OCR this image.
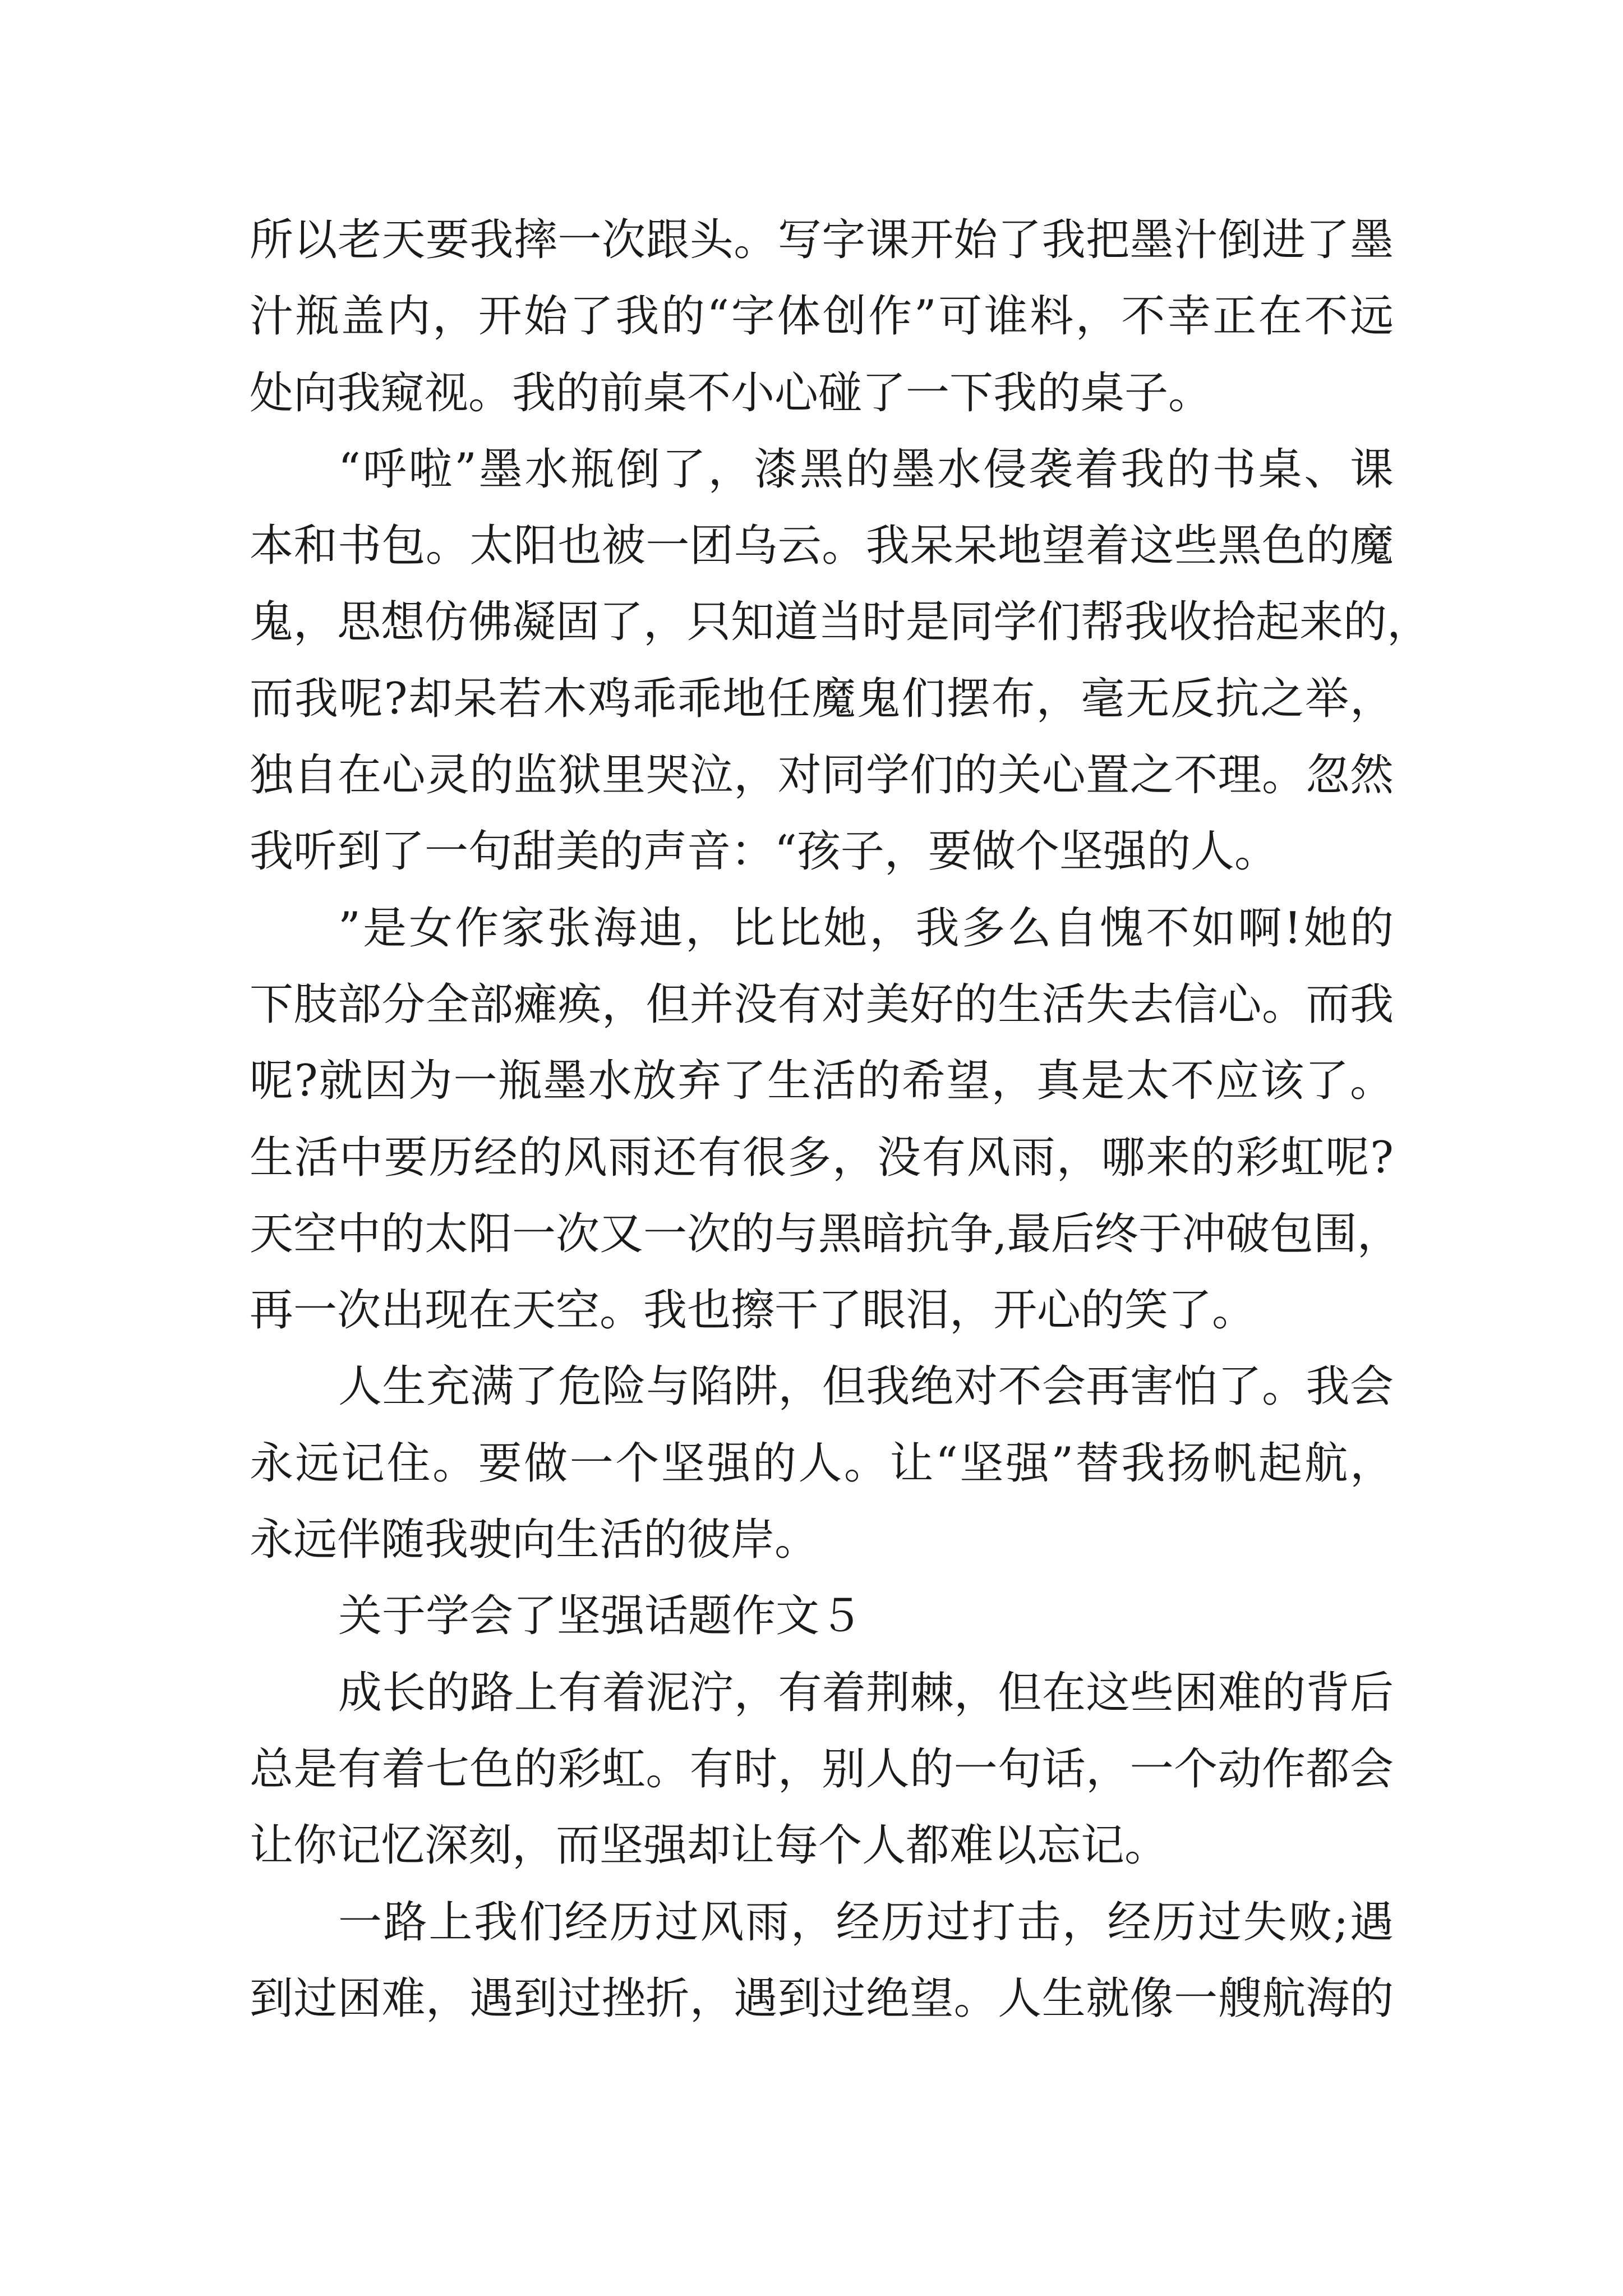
所以老天要我摔一次跟头。写字课开始了我把墨汁倒进了墨
汁瓶盖内，开始了我的“字体创作”可谁料，不幸正在不远
处向我窥视。我的前桌不小心碰了一下我的桌子。
“呼啦”墨水瓶倒了，漆黑的墨水侵袭着我的书桌、课
本和书包。太阳也被一团乌云。我呆呆地望着这些黑色的魔
鬼，思想仿佛凝固了，只知道当时是同学们帮我收拾起来的，
而我呢?却呆若木鸡乖乖地任魔鬼们摆布，毫无反抗之举，
独自在心灵的监狱里哭泣，对同学们的关心置之不理。忽然
我听到了一句甜美的声音：“孩子，要做个坚强的人。
”是女作家张海迪，比比她，我多么自愧不如啊!她的
下肢部分全部瘫痪，但并没有对美好的生活失去信心。而我
呢?就因为一瓶墨水放弃了生活的希望，真是太不应该了。
生活中要历经的风雨还有很多，没有风雨，哪来的彩虹呢?
天空中的太阳一次又一次的与黑暗抗争,最后终于冲破包围，
再一次出现在天空。我也擦干了眼泪，开心的笑了。
人生充满了危险与陷阱，但我绝对不会再害怕了。我会
永远记住。要做一个坚强的人。让“坚强”替我扬帆起航，
永远伴随我驶向生活的彼岸。
关于学会了坚强话题作文５
成长的路上有着泥泞，有着荆棘，但在这些困难的背后
总是有着七色的彩虹。有时，别人的一句话，一个动作都会
让你记忆深刻，而坚强却让每个人都难以忘记。
一路上我们经历过风雨，经历过打击，经历过失败;遇
到过困难，遇到过挫折，遇到过绝望。人生就像一艘航海的
